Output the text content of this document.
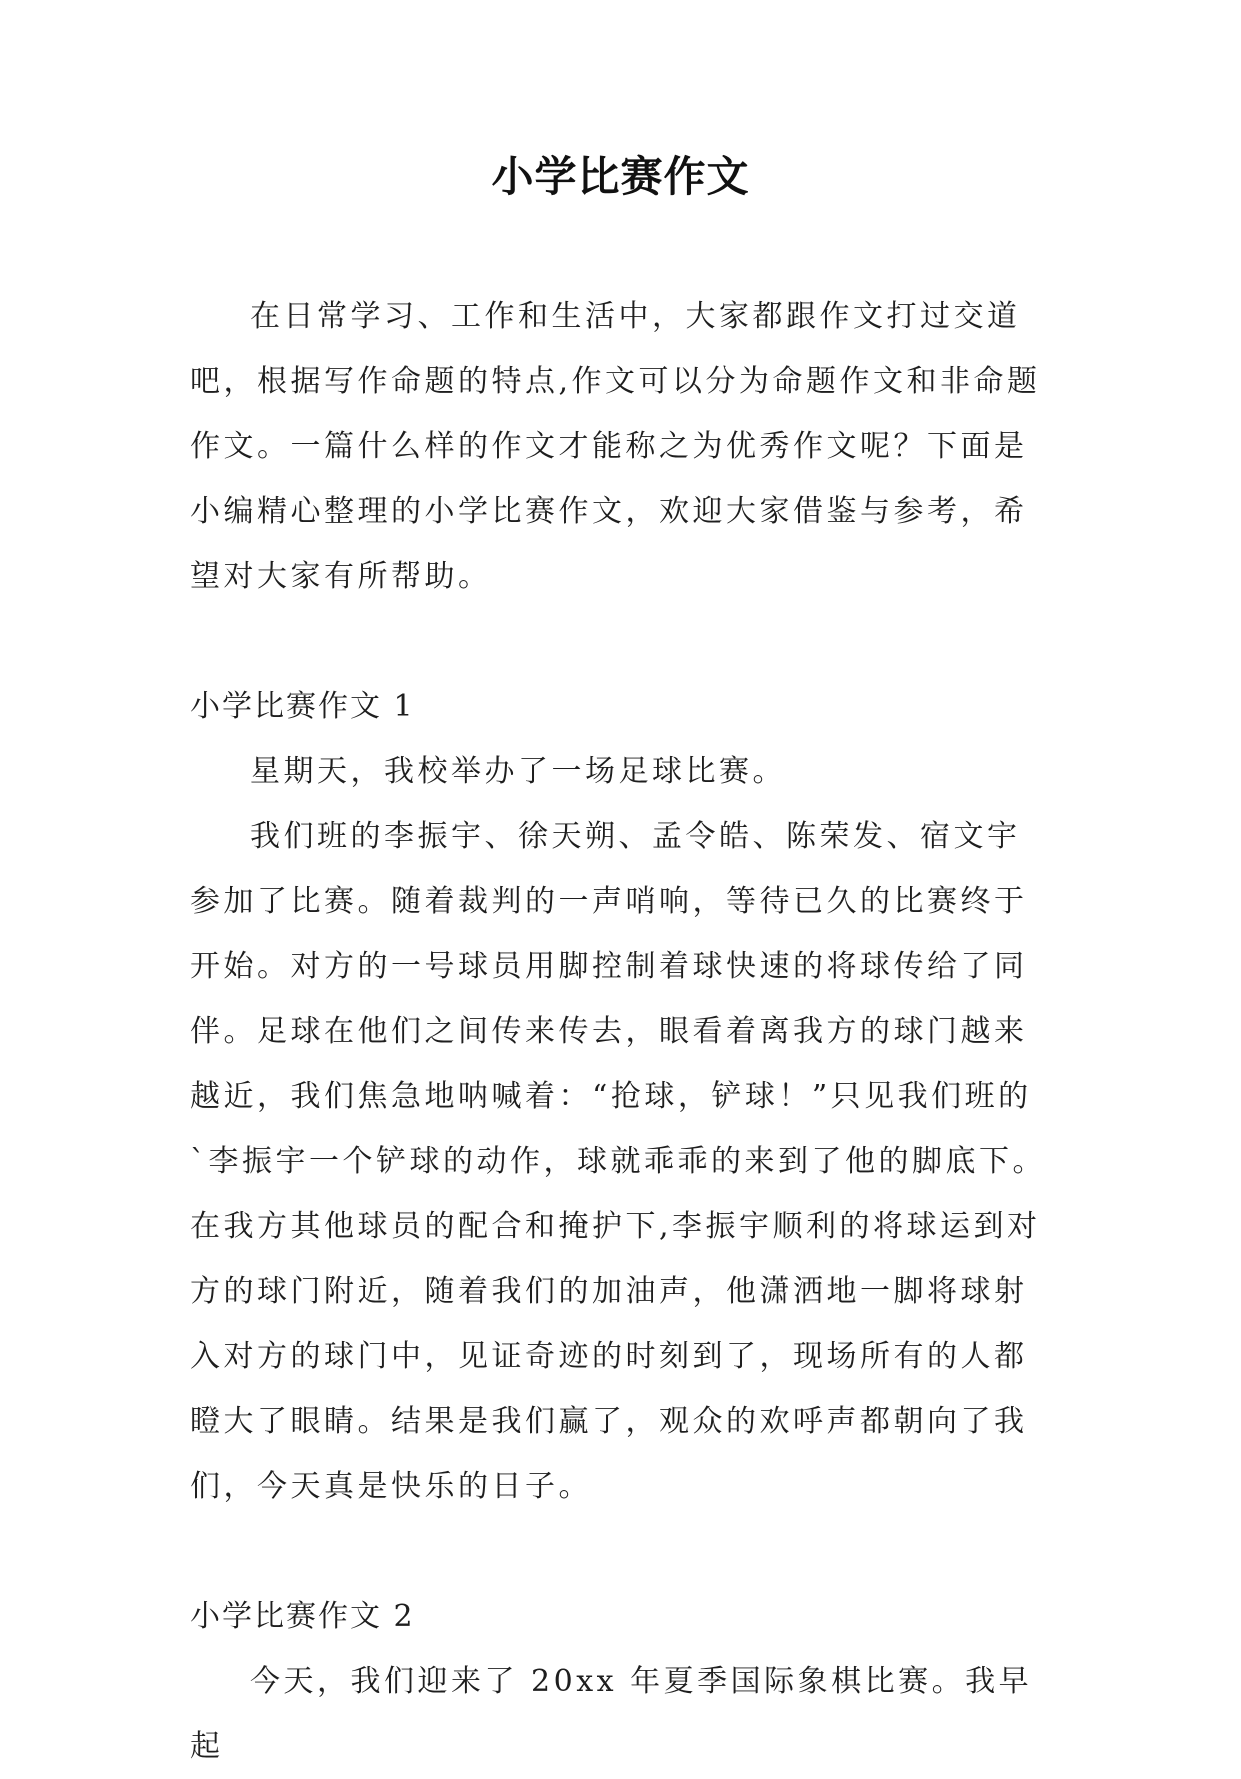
小学比赛作文

在日常学习、工作和生活中，大家都跟作文打过交道吧，根据写作命题的特点,作文可以分为命题作文和非命题作文。一篇什么样的作文才能称之为优秀作文呢？下面是小编精心整理的小学比赛作文，欢迎大家借鉴与参考，希望对大家有所帮助。

小学比赛作文 1

星期天，我校举办了一场足球比赛。

我们班的李振宇、徐天朔、孟令皓、陈荣发、宿文宇参加了比赛。随着裁判的一声哨响，等待已久的比赛终于开始。对方的一号球员用脚控制着球快速的将球传给了同伴。足球在他们之间传来传去，眼看着离我方的球门越来越近，我们焦急地呐喊着：“抢球，铲球！”只见我们班的`李振宇一个铲球的动作，球就乖乖的来到了他的脚底下。在我方其他球员的配合和掩护下,李振宇顺利的将球运到对方的球门附近，随着我们的加油声，他潇洒地一脚将球射入对方的球门中，见证奇迹的时刻到了，现场所有的人都瞪大了眼睛。结果是我们赢了，观众的欢呼声都朝向了我们，今天真是快乐的日子。

小学比赛作文 2

今天，我们迎来了 20xx 年夏季国际象棋比赛。我早起
